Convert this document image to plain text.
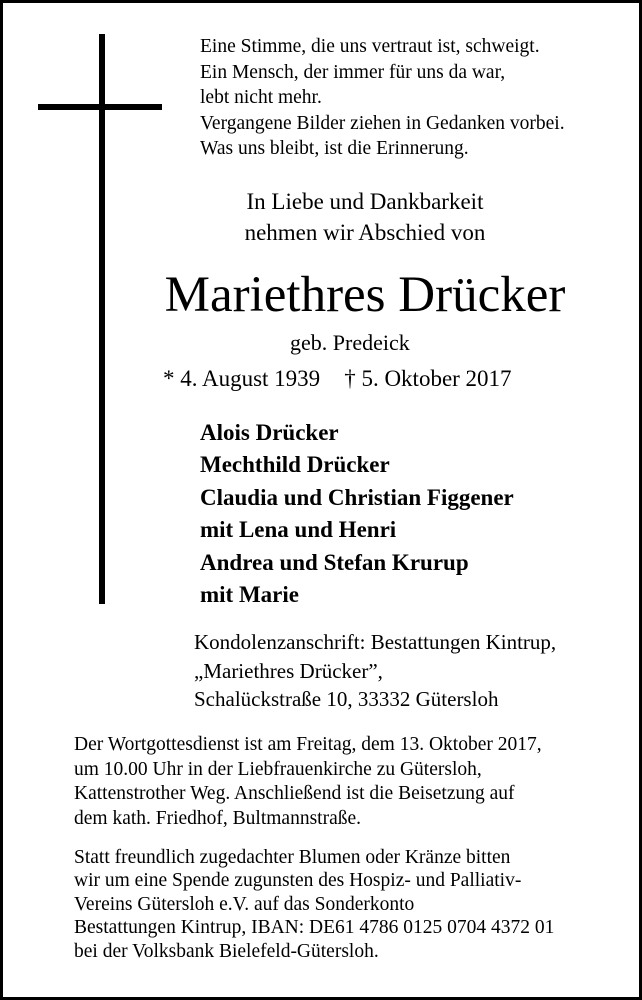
Eine Stimme, die uns vertraut ist, schweigt.
Ein Mensch, der immer für uns da war,
lebt nicht mehr.
Vergangene Bilder ziehen in Gedanken vorbei.
Was uns bleibt, ist die Erinnerung.
In Liebe und Dankbarkeit
nehmen wir Abschied von
Mariethres Drücker
geb. Predeick
* 4. August 1939 † 5. Oktober 2017
Alois Drücker
Mechthild Drücker
Claudia und Christian Figgener
mit Lena und Henri
Andrea und Stefan Krurup
mit Marie
Kondolenzanschrift: Bestattungen Kintrup,
„Mariethres Drücker”,
Schalückstraße 10, 33332 Gütersloh
Der Wortgottesdienst ist am Freitag, dem 13. Oktober 2017,
um 10.00 Uhr in der Liebfrauenkirche zu Gütersloh,
Kattenstrother Weg. Anschließend ist die Beisetzung auf
dem kath. Friedhof, Bultmannstraße.
Statt freundlich zugedachter Blumen oder Kränze bitten
wir um eine Spende zugunsten des Hospiz- und Palliativ-
Vereins Gütersloh e.V. auf das Sonderkonto
Bestattungen Kintrup, IBAN: DE61 4786 0125 0704 4372 01
bei der Volksbank Bielefeld-Gütersloh.
